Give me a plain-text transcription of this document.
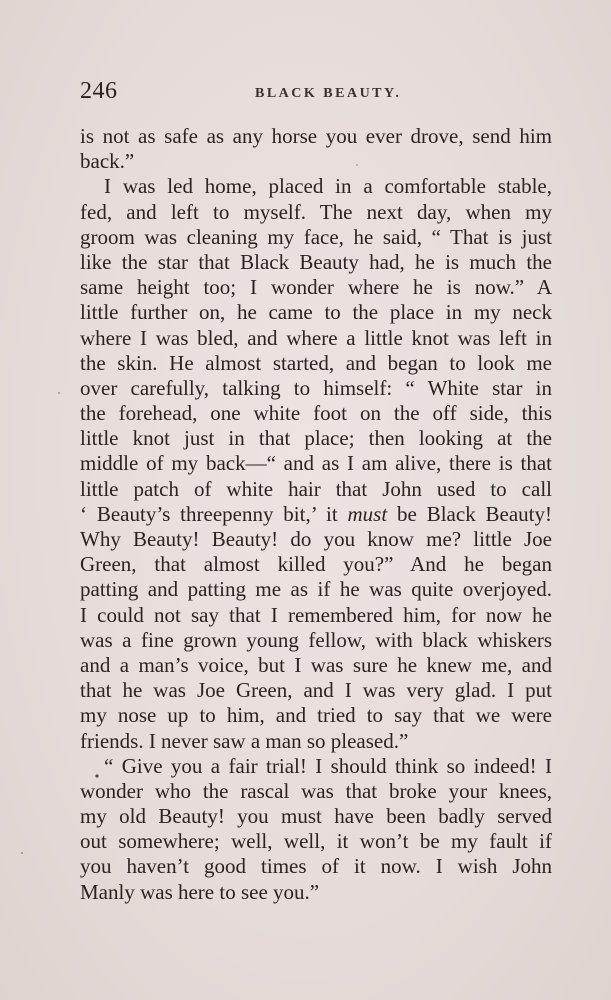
246	BLACK BEAUTY.
is not as safe as any horse you ever drove, send him
back.”
I was led home, placed in a comfortable stable,
fed, and left to myself. The next day, when my
groom was cleaning my face, he said, “ That is just
like the star that Black Beauty had, he is much the
same height too; I wonder where he is now.” A
little further on, he came to the place in my neck
where I was bled, and where a little knot was left in
the skin. He almost started, and began to look me
over carefully, talking to himself: “ White star in
the forehead, one white foot on the off side, this
little knot just in that place; then looking at the
middle of my back—“ and as I am alive, there is that
little patch of white hair that John used to call
‘ Beauty’s threepenny bit,’ it must be Black Beauty!
Why Beauty! Beauty! do you know me? little Joe
Green, that almost killed you?” And he began
patting and patting me as if he was quite overjoyed.
I could not say that I remembered him, for now he
was a fine grown young fellow, with black whiskers
and a man’s voice, but I was sure he knew me, and
that he was Joe Green, and I was very glad. I put
my nose up to him, and tried to say that we were
friends. I never saw a man so pleased.”
“ Give you a fair trial! I should think so indeed! I
wonder who the rascal was that broke your knees,
my old Beauty! you must have been badly served
out somewhere; well, well, it won’t be my fault if
you haven’t good times of it now. I wish John
Manly was here to see you.”
